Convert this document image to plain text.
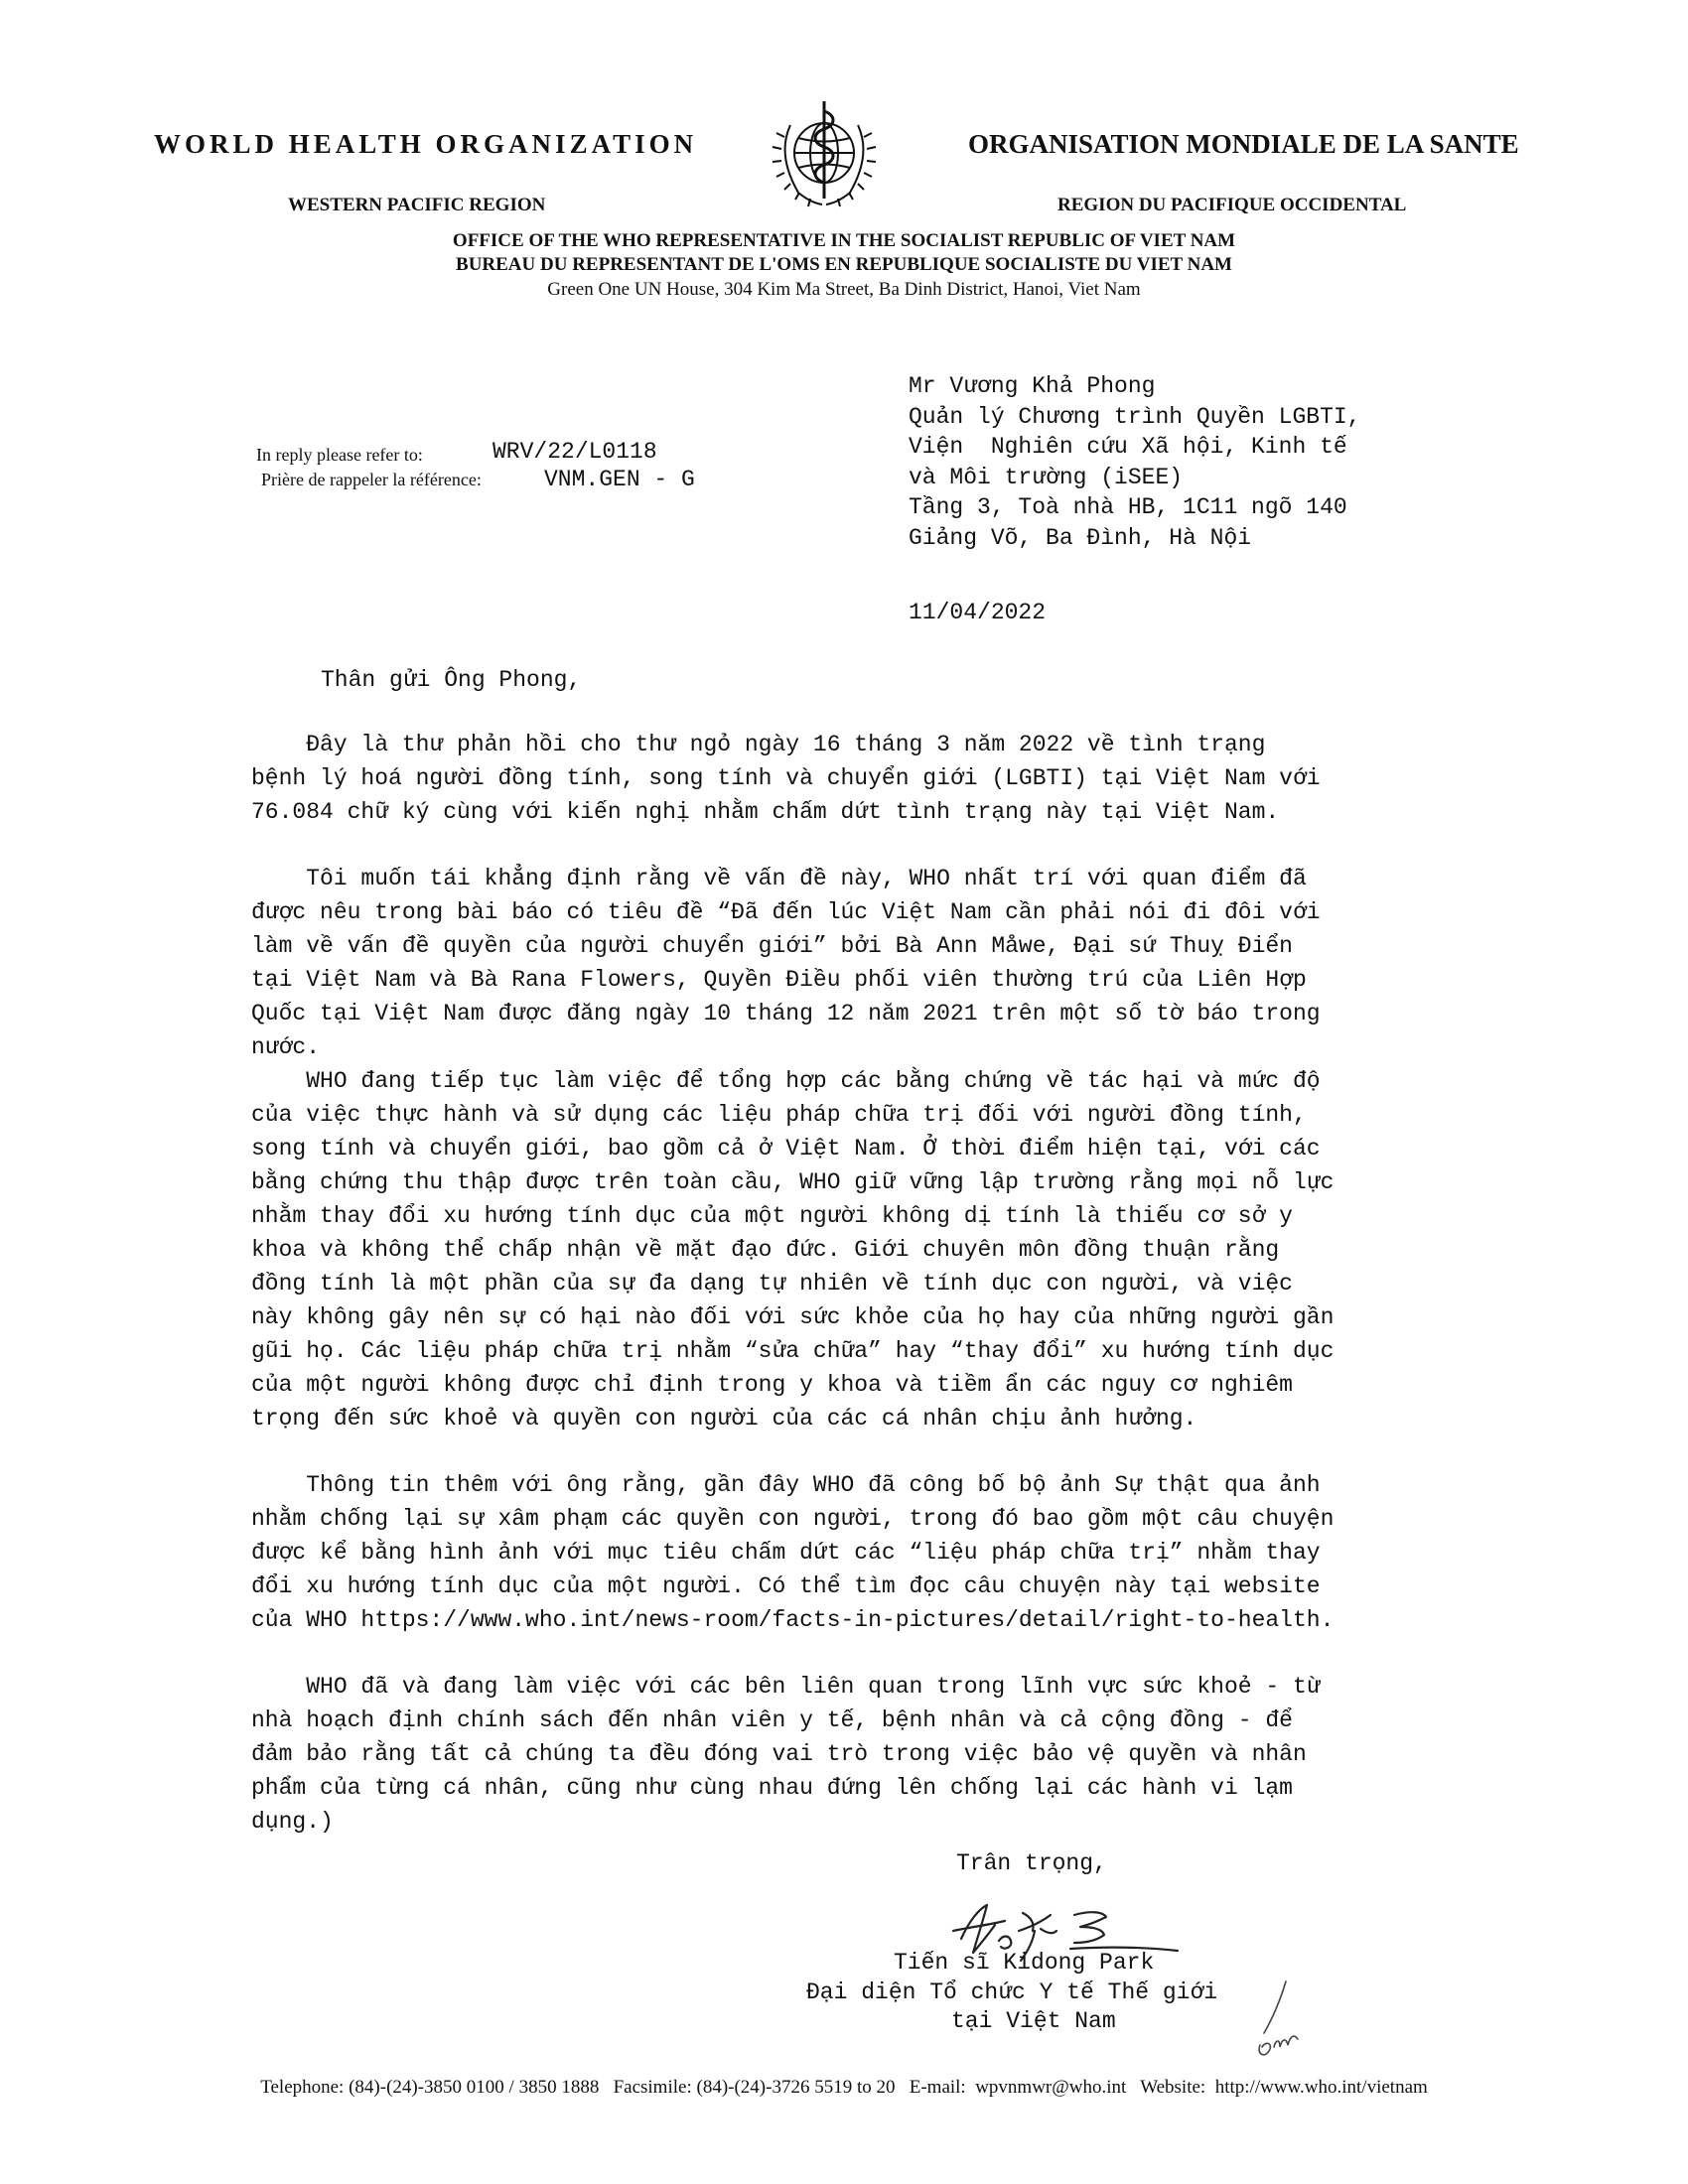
WORLD HEALTH ORGANIZATION	ORGANISATION MONDIALE DE LA SANTE
WESTERN PACIFIC REGION	REGION DU PACIFIQUE OCCIDENTAL
OFFICE OF THE WHO REPRESENTATIVE IN THE SOCIALIST REPUBLIC OF VIET NAM
BUREAU DU REPRESENTANT DE L'OMS EN REPUBLIQUE SOCIALISTE DU VIET NAM
Green One UN House, 304 Kim Ma Street, Ba Dinh District, Hanoi, Viet Nam
In reply please refer to:
Prière de rappeler la référence:
WRV/22/L0118
VNM.GEN - G
Mr Vương Khả Phong
Quản lý Chương trình Quyền LGBTI,
Viện  Nghiên cứu Xã hội, Kinh tế
và Môi trường (iSEE)
Tầng 3, Toà nhà HB, 1C11 ngõ 140
Giảng Võ, Ba Đình, Hà Nội
11/04/2022
Thân gửi Ông Phong,
Đây là thư phản hồi cho thư ngỏ ngày 16 tháng 3 năm 2022 về tình trạng
bệnh lý hoá người đồng tính, song tính và chuyển giới (LGBTI) tại Việt Nam với
76.084 chữ ký cùng với kiến nghị nhằm chấm dứt tình trạng này tại Việt Nam.
Tôi muốn tái khẳng định rằng về vấn đề này, WHO nhất trí với quan điểm đã
được nêu trong bài báo có tiêu đề “Đã đến lúc Việt Nam cần phải nói đi đôi với
làm về vấn đề quyền của người chuyển giới” bởi Bà Ann Måwe, Đại sứ Thuỵ Điển
tại Việt Nam và Bà Rana Flowers, Quyền Điều phối viên thường trú của Liên Hợp
Quốc tại Việt Nam được đăng ngày 10 tháng 12 năm 2021 trên một số tờ báo trong
nước.
WHO đang tiếp tục làm việc để tổng hợp các bằng chứng về tác hại và mức độ
của việc thực hành và sử dụng các liệu pháp chữa trị đối với người đồng tính,
song tính và chuyển giới, bao gồm cả ở Việt Nam. Ở thời điểm hiện tại, với các
bằng chứng thu thập được trên toàn cầu, WHO giữ vững lập trường rằng mọi nỗ lực
nhằm thay đổi xu hướng tính dục của một người không dị tính là thiếu cơ sở y
khoa và không thể chấp nhận về mặt đạo đức. Giới chuyên môn đồng thuận rằng
đồng tính là một phần của sự đa dạng tự nhiên về tính dục con người, và việc
này không gây nên sự có hại nào đối với sức khỏe của họ hay của những người gần
gũi họ. Các liệu pháp chữa trị nhằm “sửa chữa” hay “thay đổi” xu hướng tính dục
của một người không được chỉ định trong y khoa và tiềm ẩn các nguy cơ nghiêm
trọng đến sức khoẻ và quyền con người của các cá nhân chịu ảnh hưởng.
Thông tin thêm với ông rằng, gần đây WHO đã công bố bộ ảnh Sự thật qua ảnh
nhằm chống lại sự xâm phạm các quyền con người, trong đó bao gồm một câu chuyện
được kể bằng hình ảnh với mục tiêu chấm dứt các “liệu pháp chữa trị” nhằm thay
đổi xu hướng tính dục của một người. Có thể tìm đọc câu chuyện này tại website
của WHO https://www.who.int/news-room/facts-in-pictures/detail/right-to-health.
WHO đã và đang làm việc với các bên liên quan trong lĩnh vực sức khoẻ - từ
nhà hoạch định chính sách đến nhân viên y tế, bệnh nhân và cả cộng đồng - để
đảm bảo rằng tất cả chúng ta đều đóng vai trò trong việc bảo vệ quyền và nhân
phẩm của từng cá nhân, cũng như cùng nhau đứng lên chống lại các hành vi lạm
dụng.)
Trân trọng,
Tiến sĩ Kidong Park
Đại diện Tổ chức Y tế Thế giới
tại Việt Nam
Telephone: (84)-(24)-3850 0100 / 3850 1888   Facsimile: (84)-(24)-3726 5519 to 20   E-mail:  wpvnmwr@who.int   Website:  http://www.who.int/vietnam
